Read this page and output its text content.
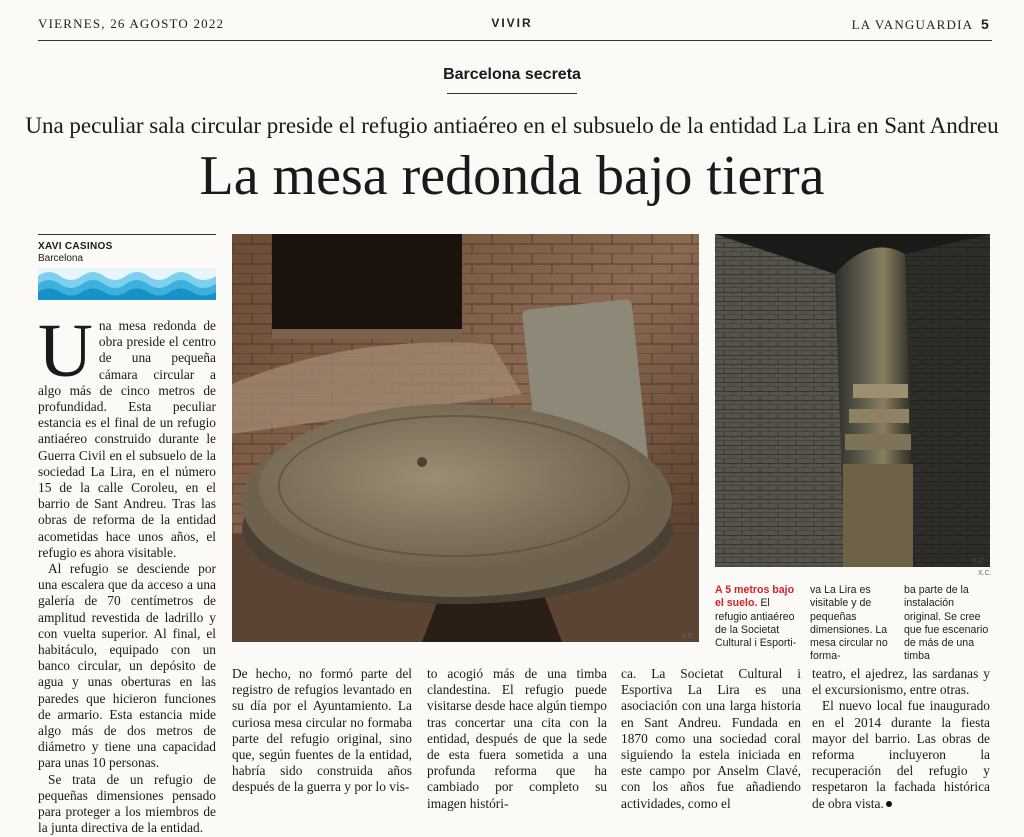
VIERNES, 26 AGOSTO 2022	VIVIR	LA VANGUARDIA 5
Barcelona secreta
Una peculiar sala circular preside el refugio antiaéreo en el subsuelo de la entidad La Lira en Sant Andreu
La mesa redonda bajo tierra
XAVI CASINOS
Barcelona

Una mesa redonda de obra preside el centro de una pequeña cámara circular a algo más de cinco metros de profundidad. Esta peculiar estancia es el final de un refugio antiaéreo construido durante le Guerra Civil en el subsuelo de la sociedad La Lira, en el número 15 de la calle Coroleu, en el barrio de Sant Andreu. Tras las obras de reforma de la entidad acometidas hace unos años, el refugio es ahora visitable.

Al refugio se desciende por una escalera que da acceso a una galería de 70 centímetros de amplitud revestida de ladrillo y con vuelta superior. Al final, el habitáculo, equipado con un banco circular, un depósito de agua y unas oberturas en las paredes que hicieron funciones de armario. Esta estancia mide algo más de dos metros de diámetro y tiene una capacidad para unas 10 personas.

Se trata de un refugio de pequeñas dimensiones pensado para proteger a los miembros de la junta directiva de la entidad.

X.C.
X.C.
X.C.
A 5 metros bajo el suelo. El refugio antiaéreo de la Societat Cultural i Esporti-
va La Lira es visitable y de pequeñas dimensiones. La mesa circular no forma-
ba parte de la instalación original. Se cree que fue escenario de más de una timba

De hecho, no formó parte del registro de refugios levantado en su día por el Ayuntamiento. La curiosa mesa circular no formaba parte del refugio original, sino que, según fuentes de la entidad, habría sido construida años después de la guerra y por lo vis-

to acogió más de una timba clandestina. El refugio puede visitarse desde hace algún tiempo tras concertar una cita con la entidad, después de que la sede de esta fuera sometida a una profunda reforma que ha cambiado por completo su imagen históri-

ca. La Societat Cultural i Esportiva La Lira es una asociación con una larga historia en Sant Andreu. Fundada en 1870 como una sociedad coral siguiendo la estela iniciada en este campo por Anselm Clavé, con los años fue añadiendo actividades, como el

teatro, el ajedrez, las sardanas y el excursionismo, entre otras.

El nuevo local fue inaugurado en el 2014 durante la fiesta mayor del barrio. Las obras de reforma incluyeron la recuperación del refugio y respetaron la fachada histórica de obra vista.
